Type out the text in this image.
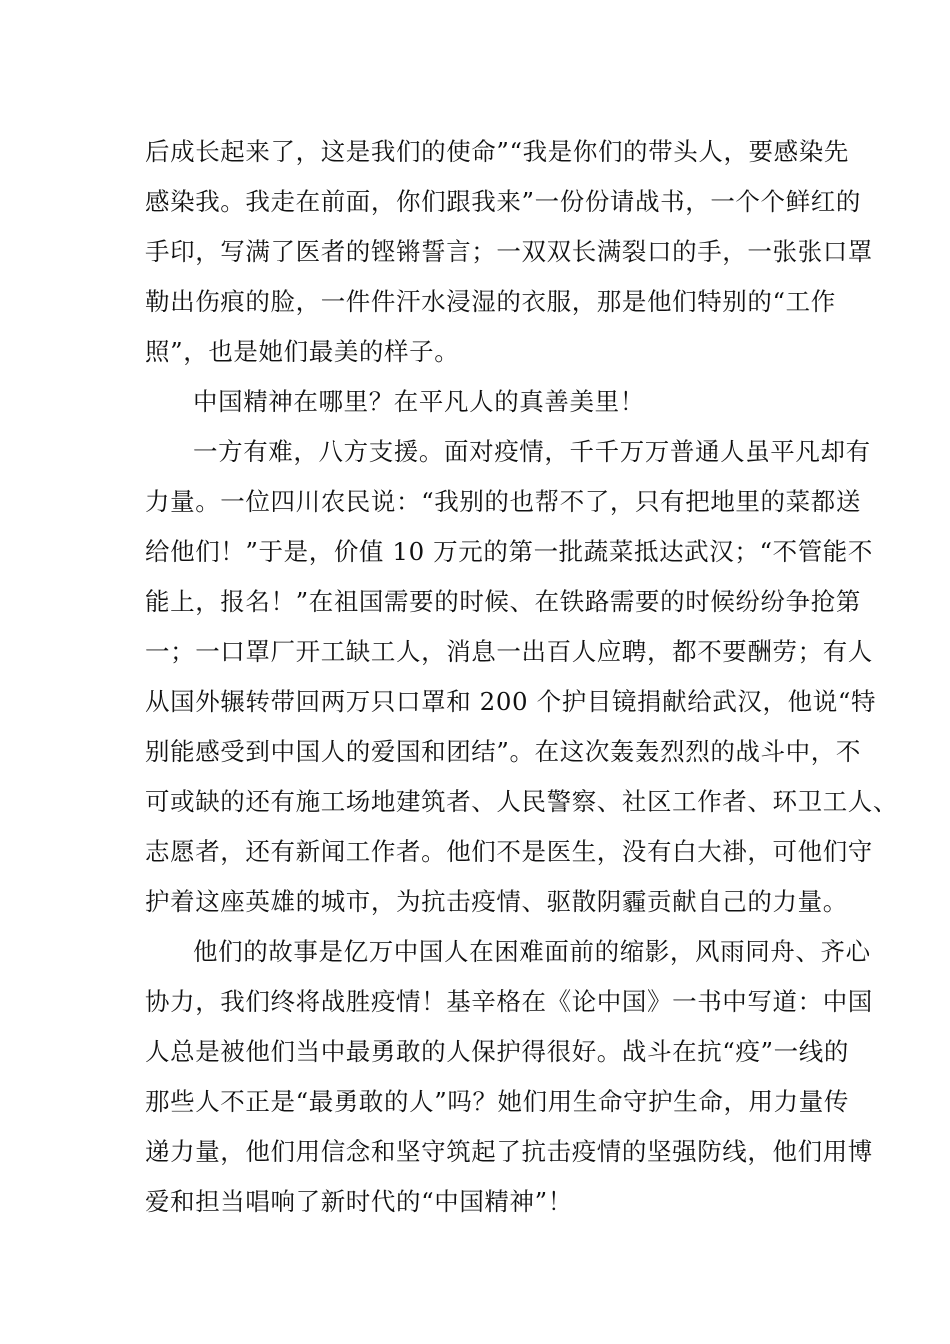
后成长起来了，这是我们的使命”“我是你们的带头人，要感染先
感染我。我走在前面，你们跟我来”一份份请战书，一个个鲜红的
手印，写满了医者的铿锵誓言；一双双长满裂口的手，一张张口罩
勒出伤痕的脸，一件件汗水浸湿的衣服，那是他们特别的“工作
照”，也是她们最美的样子。
中国精神在哪里？在平凡人的真善美里！
一方有难，八方支援。面对疫情，千千万万普通人虽平凡却有
力量。一位四川农民说：“我别的也帮不了，只有把地里的菜都送
给他们！”于是，价值 10 万元的第一批蔬菜抵达武汉；“不管能不
能上，报名！”在祖国需要的时候、在铁路需要的时候纷纷争抢第
一；一口罩厂开工缺工人，消息一出百人应聘，都不要酬劳；有人
从国外辗转带回两万只口罩和 200 个护目镜捐献给武汉，他说“特
别能感受到中国人的爱国和团结”。在这次轰轰烈烈的战斗中，不
可或缺的还有施工场地建筑者、人民警察、社区工作者、环卫工人、
志愿者，还有新闻工作者。他们不是医生，没有白大褂，可他们守
护着这座英雄的城市，为抗击疫情、驱散阴霾贡献自己的力量。
他们的故事是亿万中国人在困难面前的缩影，风雨同舟、齐心
协力，我们终将战胜疫情！基辛格在《论中国》一书中写道：中国
人总是被他们当中最勇敢的人保护得很好。战斗在抗“疫”一线的
那些人不正是“最勇敢的人”吗？她们用生命守护生命，用力量传
递力量，他们用信念和坚守筑起了抗击疫情的坚强防线，他们用博
爱和担当唱响了新时代的“中国精神”！
